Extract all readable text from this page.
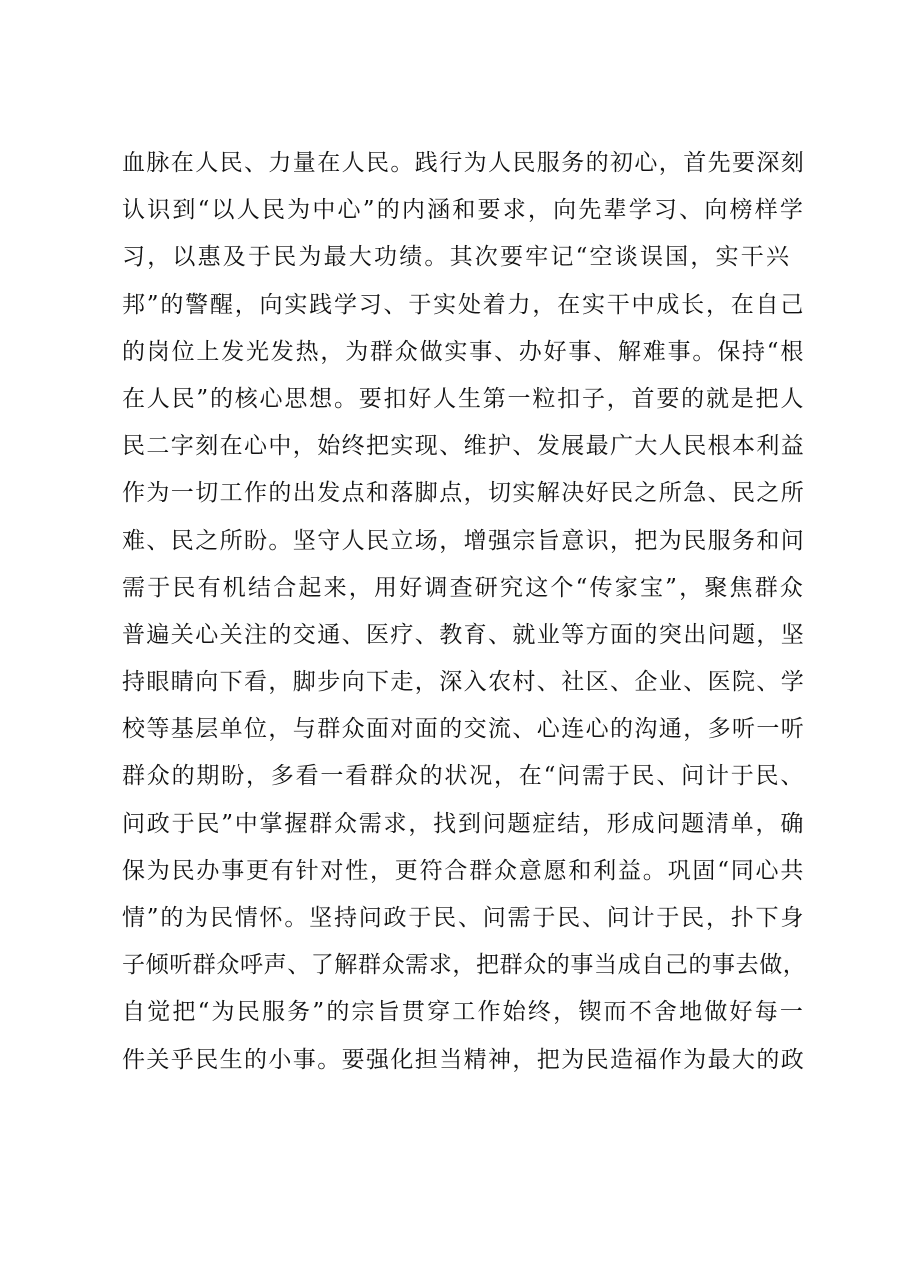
血脉在人民、力量在人民。践行为人民服务的初心，首先要深刻
认识到“以人民为中心”的内涵和要求，向先辈学习、向榜样学
习，以惠及于民为最大功绩。其次要牢记“空谈误国，实干兴
邦”的警醒，向实践学习、于实处着力，在实干中成长，在自己
的岗位上发光发热，为群众做实事、办好事、解难事。保持“根
在人民”的核心思想。要扣好人生第一粒扣子，首要的就是把人
民二字刻在心中，始终把实现、维护、发展最广大人民根本利益
作为一切工作的出发点和落脚点，切实解决好民之所急、民之所
难、民之所盼。坚守人民立场，增强宗旨意识，把为民服务和问
需于民有机结合起来，用好调查研究这个“传家宝”，聚焦群众
普遍关心关注的交通、医疗、教育、就业等方面的突出问题，坚
持眼睛向下看，脚步向下走，深入农村、社区、企业、医院、学
校等基层单位，与群众面对面的交流、心连心的沟通，多听一听
群众的期盼，多看一看群众的状况，在“问需于民、问计于民、
问政于民”中掌握群众需求，找到问题症结，形成问题清单，确
保为民办事更有针对性，更符合群众意愿和利益。巩固“同心共
情”的为民情怀。坚持问政于民、问需于民、问计于民，扑下身
子倾听群众呼声、了解群众需求，把群众的事当成自己的事去做，
自觉把“为民服务”的宗旨贯穿工作始终，锲而不舍地做好每一
件关乎民生的小事。要强化担当精神，把为民造福作为最大的政
